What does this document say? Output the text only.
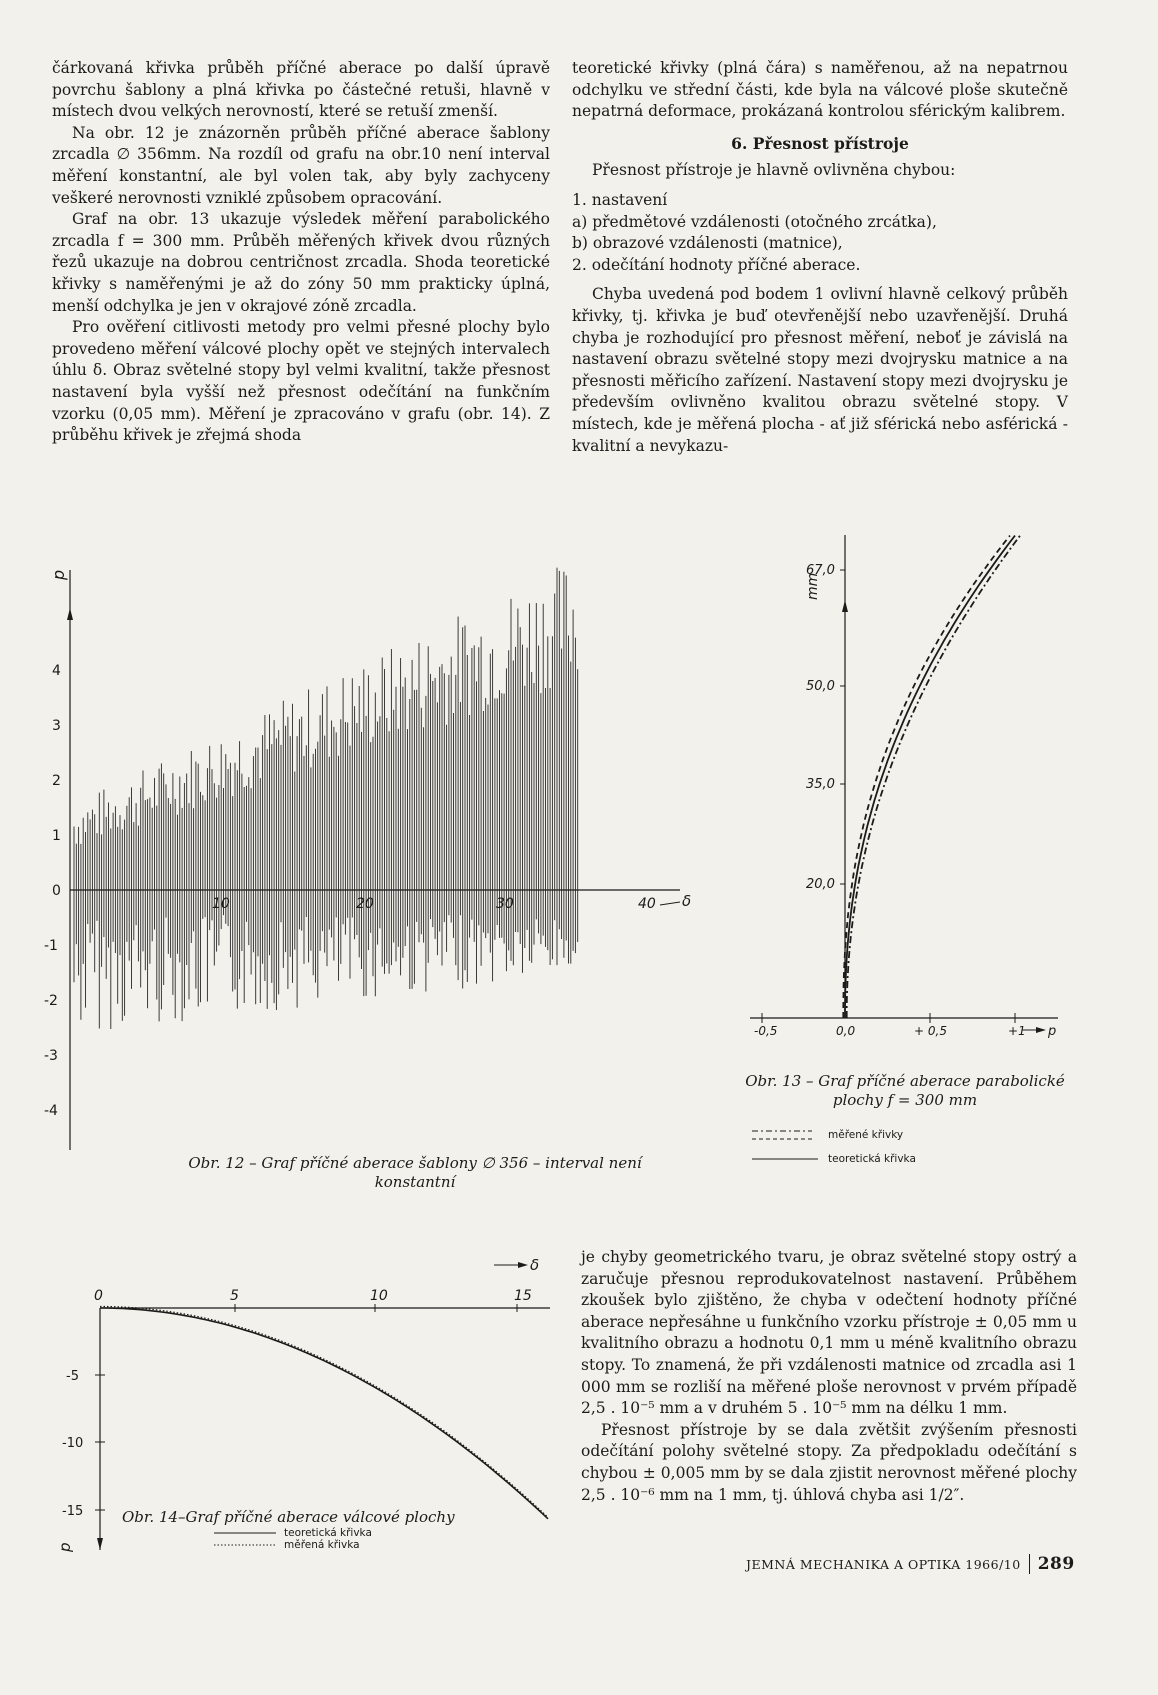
čárkovaná křivka průběh příčné aberace po další úpravě povrchu šablony a plná křivka po částečné retuši, hlavně v místech dvou velkých nerovností, které se retuší zmenší.

Na obr. 12 je znázorněn průběh příčné aberace šablony zrcadla ∅ 356mm. Na rozdíl od grafu na obr.10 není interval měření konstantní, ale byl volen tak, aby byly zachyceny veškeré nerovnosti vzniklé způsobem opracování.

Graf na obr. 13 ukazuje výsledek měření parabolického zrcadla f = 300 mm. Průběh měřených křivek dvou různých řezů ukazuje na dobrou centričnost zrcadla. Shoda teoretické křivky s naměřenými je až do zóny 50 mm prakticky úplná, menší odchylka je jen v okrajové zóně zrcadla.

Pro ověření citlivosti metody pro velmi přesné plochy bylo provedeno měření válcové plochy opět ve stejných intervalech úhlu δ. Obraz světelné stopy byl velmi kvalitní, takže přesnost nastavení byla vyšší než přesnost odečítání na funkčním vzorku (0,05 mm). Měření je zpracováno v grafu (obr. 14). Z průběhu křivek je zřejmá shoda

teoretické křivky (plná čára) s naměřenou, až na nepatrnou odchylku ve střední části, kde byla na válcové ploše skutečně nepatrná deformace, prokázaná kontrolou sférickým kalibrem.

6. Přesnost přístroje

Přesnost přístroje je hlavně ovlivněna chybou:

1. nastavení

a) předmětové vzdálenosti (otočného zrcátka),

b) obrazové vzdálenosti (matnice),

2. odečítání hodnoty příčné aberace.

Chyba uvedená pod bodem 1 ovlivní hlavně celkový průběh křivky, tj. křivka je buď otevřenější nebo uzavřenější. Druhá chyba je rozhodující pro přesnost měření, neboť je závislá na nastavení obrazu světelné stopy mezi dvojrysku matnice a na přesnosti měřicího zařízení. Nastavení stopy mezi dvojrysku je především ovlivněno kvalitou obrazu světelné stopy. V místech, kde je měřená plocha - ať již sférická nebo asférická - kvalitní a nevykazu-

je chyby geometrického tvaru, je obraz světelné stopy ostrý a zaručuje přesnou reprodukovatelnost nastavení. Průběhem zkoušek bylo zjištěno, že chyba v odečtení hodnoty příčné aberace nepřesáhne u funkčního vzorku přístroje ± 0,05 mm u kvalitního obrazu a hodnotu 0,1 mm u méně kvalitního obrazu stopy. To znamená, že při vzdálenosti matnice od zrcadla asi 1 000 mm se rozliší na měřené ploše nerovnost v prvém případě 2,5 . 10⁻⁵ mm a v druhém 5 . 10⁻⁵ mm na délku 1 mm.

Přesnost přístroje by se dala zvětšit zvýšením přesnosti odečítání polohy světelné stopy. Za předpokladu odečítání s chybou ± 0,005 mm by se dala zjistit nerovnost měřené plochy 2,5 . 10⁻⁶ mm na 1 mm, tj. úhlová chyba asi 1/2″.

p
4
3
2
1
0
-1
-2
-3
-4
10	20	30	40 δ
Obr. 12 – Graf příčné aberace šablony ∅ 356 – interval není
konstantní
mm
67,0
50,0
35,0
20,0
-0,5	0,0	+ 0,5	+1 p
Obr. 13 – Graf příčné aberace parabolické
plochy f = 300 mm
měřené křivky
teoretická křivka
0	5	10	15
δ
-5
-10
-15
p
Obr. 14–Graf příčné aberace válcové plochy
teoretická křivka
měřená křivka
JEMNÁ MECHANIKA A OPTIKA 1966/10	289
